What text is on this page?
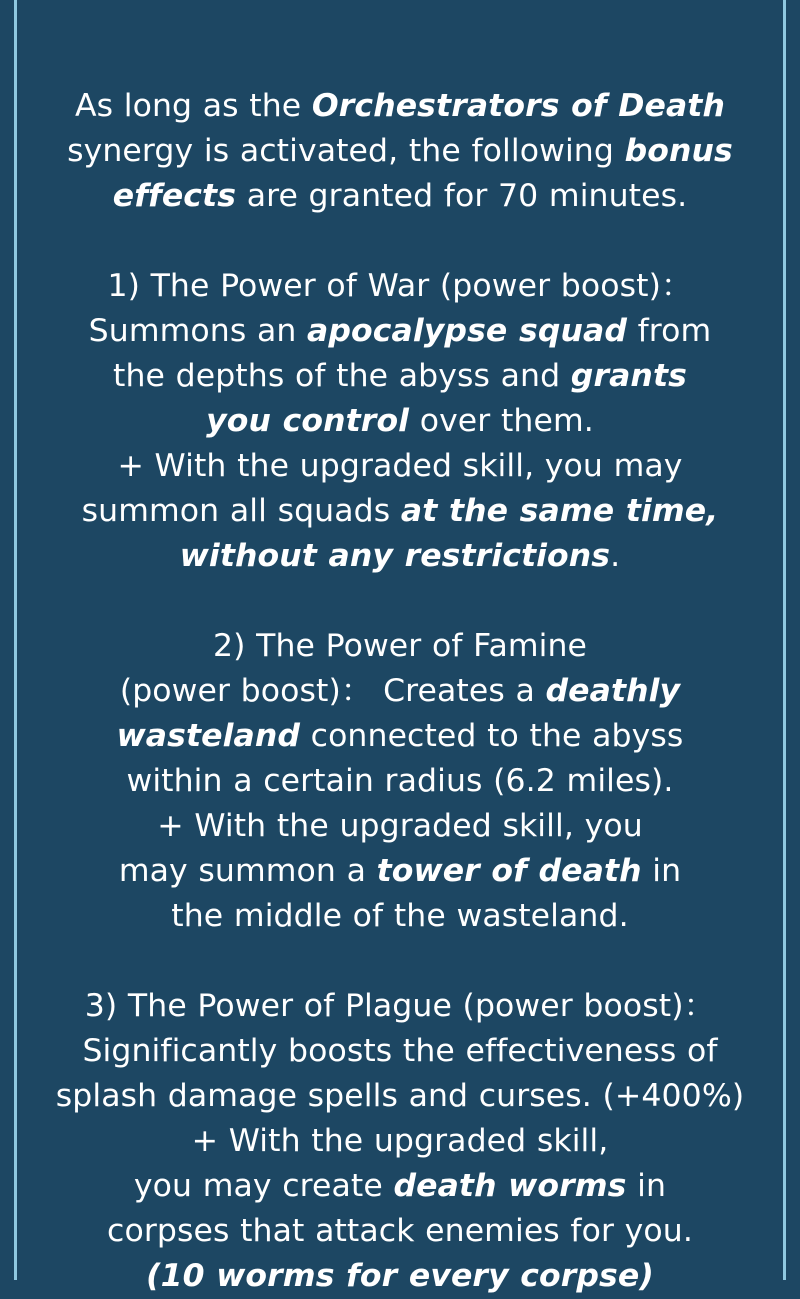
As long as the Orchestrators of Death
synergy is activated, the following bonus
effects are granted for 70 minutes.
1) The Power of War (power boost)：
Summons an apocalypse squad from
the depths of the abyss and grants
you control over them.
+ With the upgraded skill, you may
summon all squads at the same time,
without any restrictions.
2) The Power of Famine
(power boost)： Creates a deathly
wasteland connected to the abyss
within a certain radius (6.2 miles).
+ With the upgraded skill, you
may summon a tower of death in
the middle of the wasteland.
3) The Power of Plague (power boost)：
Significantly boosts the effectiveness of
splash damage spells and curses. (+400%)
+ With the upgraded skill,
you may create death worms in
corpses that attack enemies for you.
(10 worms for every corpse)
